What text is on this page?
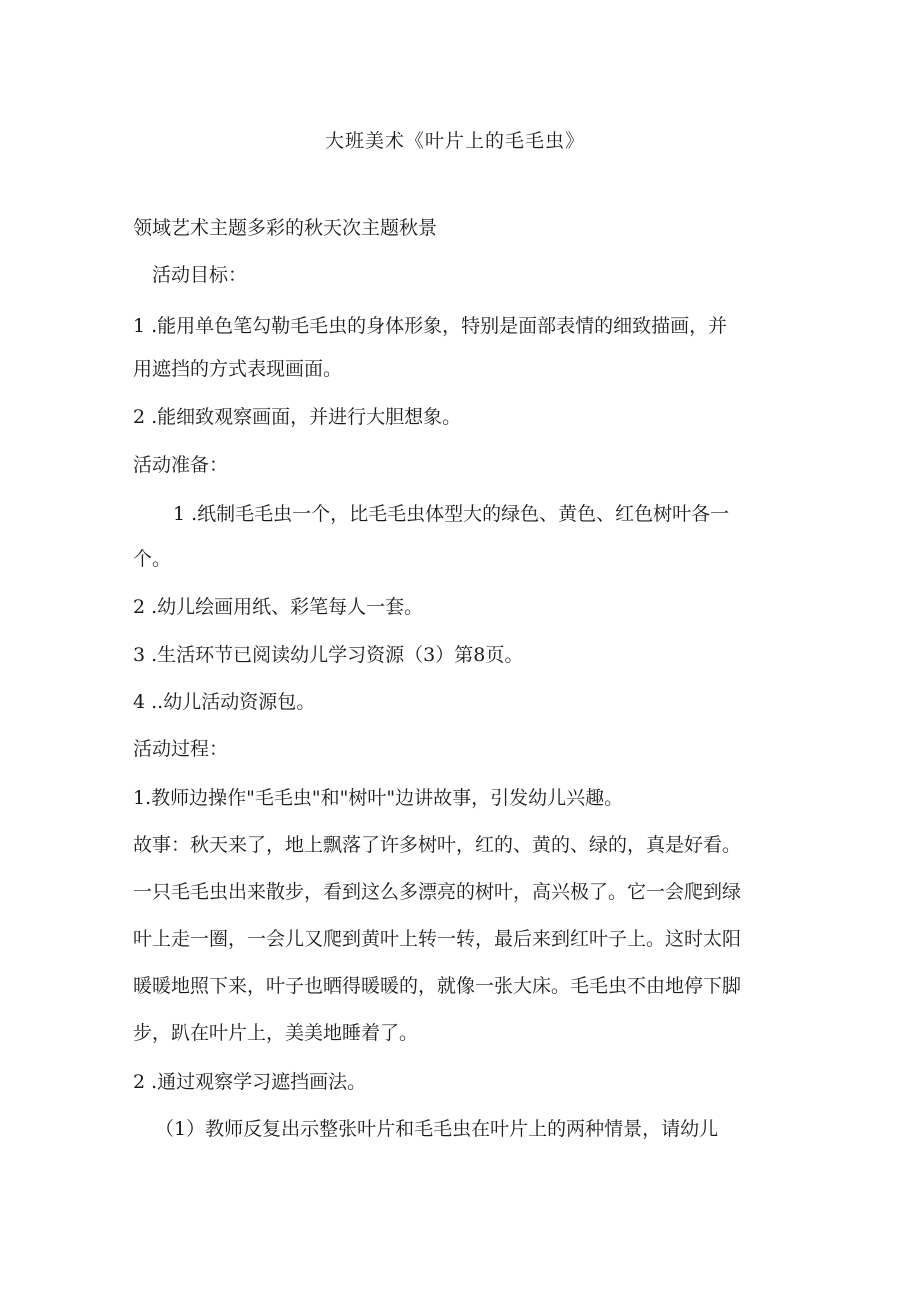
大班美术《叶片上的毛毛虫》
领域艺术主题多彩的秋天次主题秋景
活动目标：
1 .能用单色笔勾勒毛毛虫的身体形象，特别是面部表情的细致描画，并
用遮挡的方式表现画面。
2 .能细致观察画面，并进行大胆想象。
活动准备：
1 .纸制毛毛虫一个，比毛毛虫体型大的绿色、黄色、红色树叶各一
个。
2 .幼儿绘画用纸、彩笔每人一套。
3 .生活环节已阅读幼儿学习资源（3）第8页。
4 ..幼儿活动资源包。
活动过程：
1.教师边操作"毛毛虫"和"树叶"边讲故事，引发幼儿兴趣。
故事：秋天来了，地上飘落了许多树叶，红的、黄的、绿的，真是好看。
一只毛毛虫出来散步，看到这么多漂亮的树叶，高兴极了。它一会爬到绿
叶上走一圈，一会儿又爬到黄叶上转一转，最后来到红叶子上。这时太阳
暖暖地照下来，叶子也晒得暖暖的，就像一张大床。毛毛虫不由地停下脚
步，趴在叶片上，美美地睡着了。
2 .通过观察学习遮挡画法。
（1）教师反复出示整张叶片和毛毛虫在叶片上的两种情景，请幼儿
